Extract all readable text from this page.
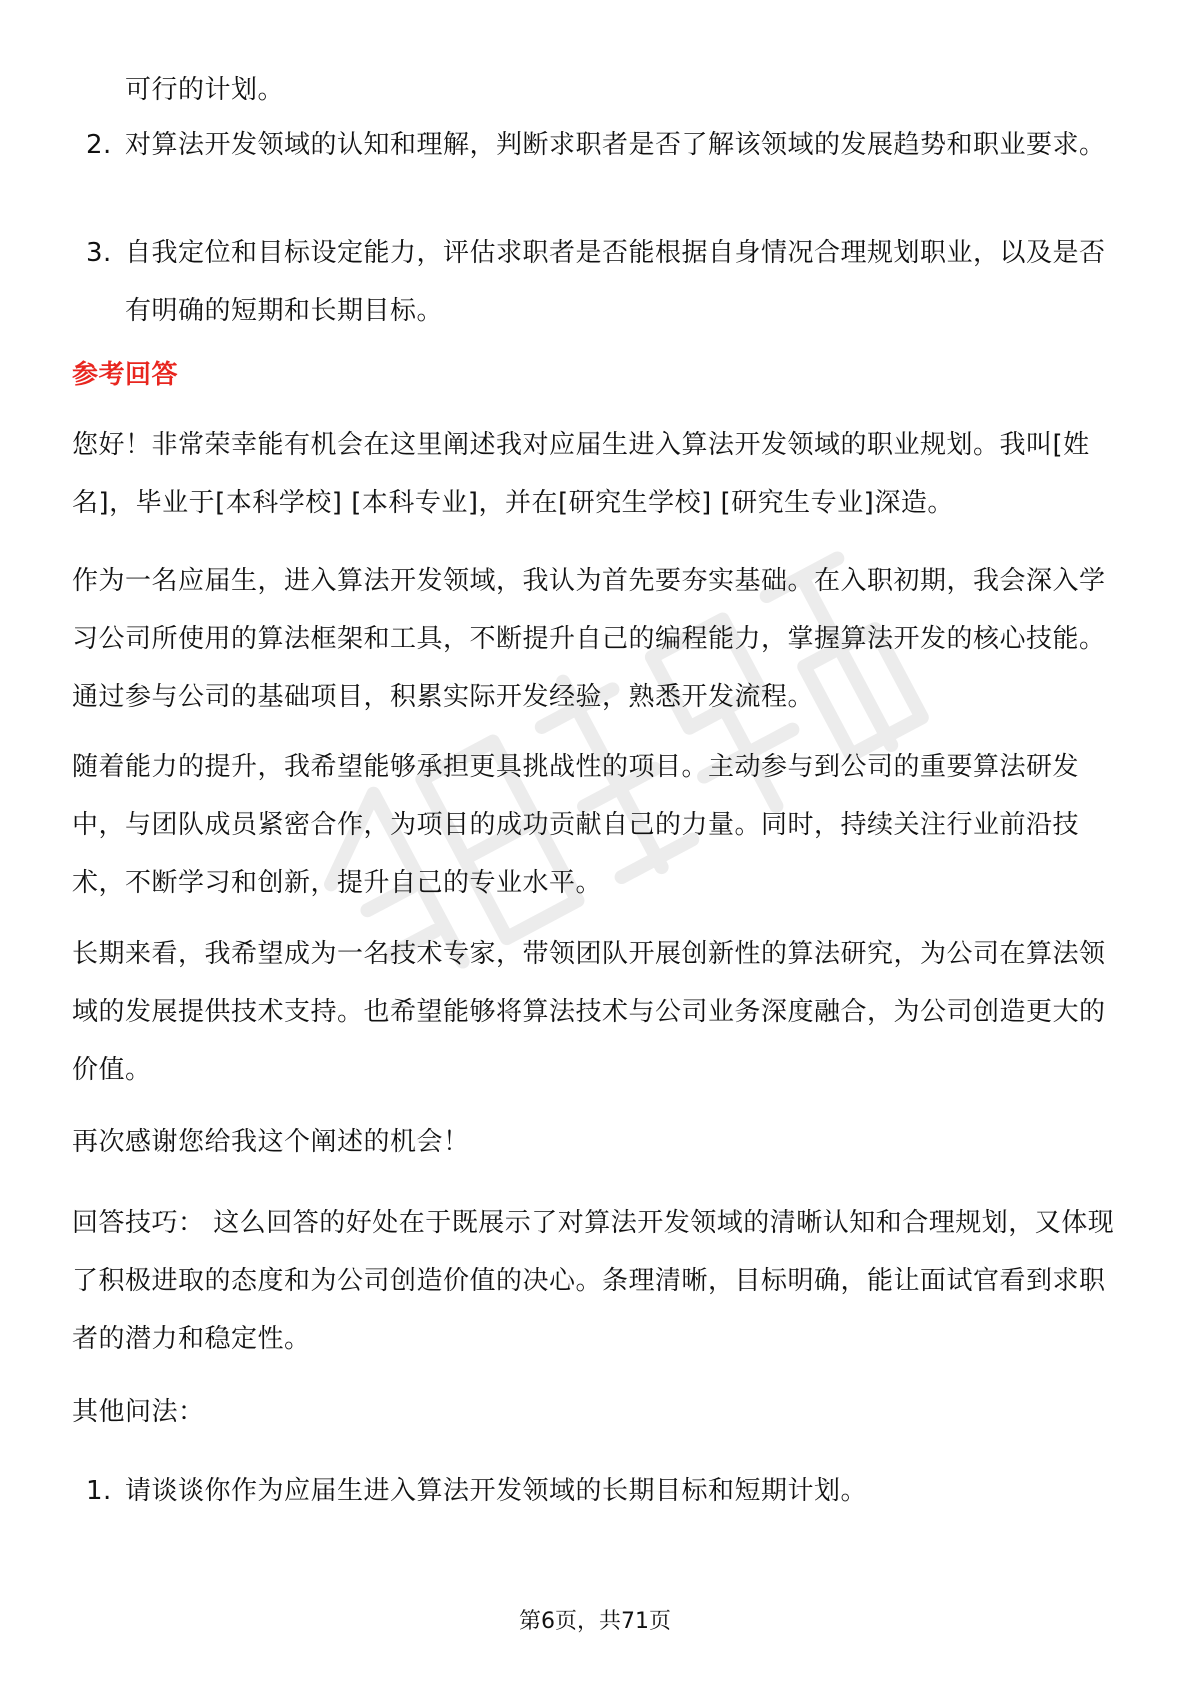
可行的计划。
2. 对算法开发领域的认知和理解，判断求职者是否了解该领域的发展趋势和职业要求。
3. 自我定位和目标设定能力，评估求职者是否能根据自身情况合理规划职业，以及是否有明确的短期和长期目标。
参考回答

您好！非常荣幸能有机会在这里阐述我对应届生进入算法开发领域的职业规划。我叫[姓名]，毕业于[本科学校] [本科专业]，并在[研究生学校] [研究生专业]深造。

作为一名应届生，进入算法开发领域，我认为首先要夯实基础。在入职初期，我会深入学习公司所使用的算法框架和工具，不断提升自己的编程能力，掌握算法开发的核心技能。通过参与公司的基础项目，积累实际开发经验，熟悉开发流程。

随着能力的提升，我希望能够承担更具挑战性的项目。主动参与到公司的重要算法研发中，与团队成员紧密合作，为项目的成功贡献自己的力量。同时，持续关注行业前沿技术，不断学习和创新，提升自己的专业水平。

长期来看，我希望成为一名技术专家，带领团队开展创新性的算法研究，为公司在算法领域的发展提供技术支持。也希望能够将算法技术与公司业务深度融合，为公司创造更大的价值。

再次感谢您给我这个阐述的机会！

回答技巧： 这么回答的好处在于既展示了对算法开发领域的清晰认知和合理规划，又体现了积极进取的态度和为公司创造价值的决心。条理清晰，目标明确，能让面试官看到求职者的潜力和稳定性。

其他问法：

1. 请谈谈你作为应届生进入算法开发领域的长期目标和短期计划。
第6页，共71页
